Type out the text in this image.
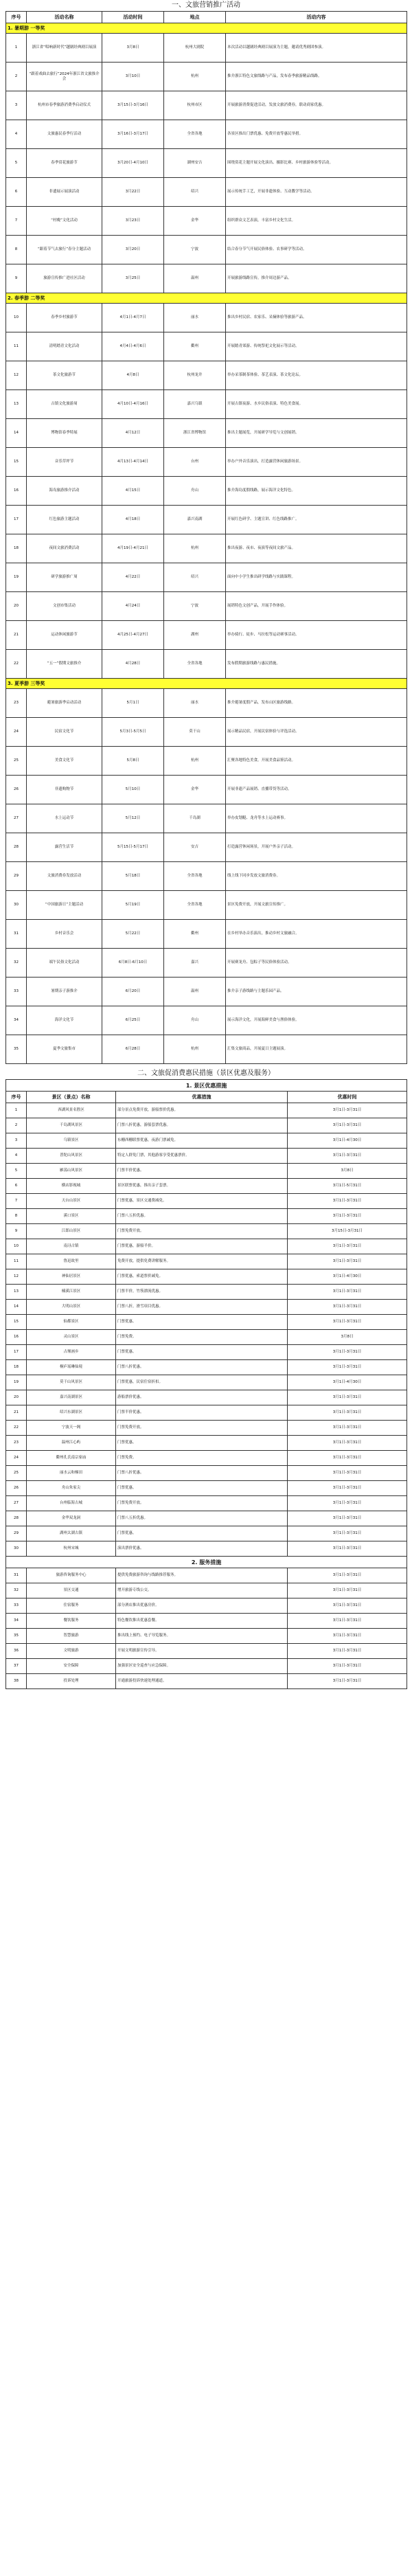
一、文旅营销推广活动
序号	活动名称	活动时间	地点	活动内容
1. 暑期游 一等奖				
1	浙江省“唱响新时代”越剧经典剧目展演	3月8日	杭州大剧院	本次活动以越剧经典剧目展演为主题，邀请优秀剧团参演。
2	“跟着戏曲去旅行”2024年浙江省文旅推介会	3月10日	杭州	推介浙江特色文旅线路与产品，发布春季旅游精品线路。
3	杭州市春季旅游消费季启动仪式	3月15日-3月16日	杭州市区	开展旅游消费促进活动，发放文旅消费券，联动商家优惠。
4	文旅惠民春季行活动	3月16日-3月17日	全省各地	各景区推出门票优惠、免费开放等惠民举措。
5	春季赏花旅游节	3月20日-4月10日	湖州安吉	围绕赏花主题开展文化演出、摄影比赛、乡村旅游体验等活动。
6	非遗展示展演活动	3月22日	绍兴	展示传统手工艺，开展非遗体验、互动教学等活动。
7	“村晚”文化活动	3月23日	金华	组织群众文艺表演，丰富乡村文化生活。
8	“跟着节气去旅行”春分主题活动	3月20日	宁波	结合春分节气开展民俗体验、农事研学等活动。
9	旅游宣传推广进社区活动	3月25日	温州	开展旅游线路宣传，推介周边游产品。
2. 春季游 二等奖				
10	春季乡村旅游节	4月1日-4月7日	丽水	推出乡村民宿、农家乐、采摘体验等旅游产品。
11	清明踏青文化活动	4月4日-4月6日	衢州	开展踏青郊游、传统祭祀文化展示等活动。
12	茶文化旅游节	4月8日	杭州龙井	举办采茶制茶体验、茶艺表演、茶文化论坛。
13	古镇文化旅游周	4月10日-4月16日	嘉兴乌镇	开展古镇夜游、水乡民俗表演、特色美食展。
14	博物馆春季特展	4月12日	浙江省博物馆	推出主题展览，开展研学导览与文创展销。
15	音乐草坪节	4月13日-4月14日	台州	举办户外音乐演出，打造露营休闲旅游场景。
16	海岛旅游推介活动	4月15日	舟山	推介海岛度假线路，展示海洋文化特色。
17	红色旅游主题活动	4月18日	嘉兴南湖	开展红色研学、主题宣讲、红色线路推广。
18	夜间文旅消费活动	4月19日-4月21日	杭州	推出夜游、夜市、夜演等夜间文旅产品。
19	研学旅游推广周	4月22日	绍兴	面向中小学生推出研学线路与实践课程。
20	文创市集活动	4月24日	宁波	展销特色文创产品，开展手作体验。
21	运动休闲旅游节	4月25日-4月27日	湖州	举办骑行、徒步、马拉松等运动赛事活动。
22	“五一”假期文旅推介	4月28日	全省各地	发布假期旅游线路与惠民措施。
3. 夏季游 三等奖				
23	避暑旅游季启动活动	5月1日	丽水	推介避暑度假产品，发布山区旅游线路。
24	民宿文化节	5月3日-5月5日	莫干山	展示精品民宿，开展民宿体验与评选活动。
25	美食文化节	5月8日	杭州	汇聚各地特色美食，开展美食品鉴活动。
26	非遗购物节	5月10日	金华	开展非遗产品展销、直播带货等活动。
27	水上运动节	5月12日	千岛湖	举办皮划艇、龙舟等水上运动赛事。
28	露营生活节	5月15日-5月17日	安吉	打造露营休闲场景，开展户外亲子活动。
29	文旅消费券发放活动	5月18日	全省各地	线上线下同步发放文旅消费券。
30	“中国旅游日”主题活动	5月19日	全省各地	景区免费开放，开展文旅宣传推广。
31	乡村音乐会	5月22日	衢州	在乡村举办音乐演出，推动乡村文旅融合。
32	端午民俗文化活动	6月8日-6月10日	嘉兴	开展赛龙舟、包粽子等民俗体验活动。
33	暑期亲子游推介	6月20日	温州	推介亲子游线路与主题乐园产品。
34	海洋文化节	6月25日	舟山	展示海洋文化，开展海鲜美食与渔俗体验。
35	夏季文旅集市	6月28日	杭州	汇集文旅商品，开展夏日主题展演。
二、文旅促消费惠民措施（景区优惠及服务）
1. 景区优惠措施			
序号	景区（景点）名称	优惠措施	优惠时间
1	西湖风景名胜区	部分景点免费开放，游船票价优惠。	3月1日-3月31日
2	千岛湖风景区	门票八折优惠，游船套票优惠。	3月1日-3月31日
3	乌镇景区	东栅西栅联票优惠，夜游门票减免。	3月1日-4月30日
4	普陀山风景区	特定人群免门票，其他游客享受优惠票价。	3月1日-3月31日
5	雁荡山风景区	门票半价优惠。	3月8日
6	横店影视城	景区联票优惠，推出亲子套票。	3月1日-5月31日
7	天台山景区	门票优惠，景区交通费减免。	3月1日-3月31日
8	溪口景区	门票八五折优惠。	3月1日-3月31日
9	江郎山景区	门票免费开放。	3月15日-3月31日
10	南浔古镇	门票优惠，游船半价。	3月1日-3月31日
11	鲁迅故里	免费开放，提供免费讲解服务。	3月1日-3月31日
12	神仙居景区	门票优惠，索道票价减免。	3月1日-4月30日
13	楠溪江景区	门票半价，竹筏漂流优惠。	3月1日-3月31日
14	大明山景区	门票八折，滑雪项目优惠。	3月1日-3月31日
15	仙都景区	门票优惠。	3月1日-3月31日
16	灵山景区	门票免费。	3月8日
17	古堰画乡	门票优惠。	3月1日-3月31日
18	桐庐瑶琳仙境	门票八折优惠。	3月1日-3月31日
19	莫干山风景区	门票优惠，民宿住宿折扣。	3月1日-4月30日
20	嘉兴南湖景区	游船票价优惠。	3月1日-3月31日
21	绍兴东湖景区	门票半价优惠。	3月1日-3月31日
22	宁波天一阁	门票免费开放。	3月1日-3月31日
23	温州江心屿	门票优惠。	3月1日-3月31日
24	衢州孔氏南宗家庙	门票免费。	3月1日-3月31日
25	丽水云和梯田	门票八折优惠。	3月1日-3月31日
26	舟山朱家尖	门票优惠。	3月1日-3月31日
27	台州临海古城	门票免费开放。	3月1日-3月31日
28	金华双龙洞	门票八五折优惠。	3月1日-3月31日
29	湖州太湖古镇	门票优惠。	3月1日-3月31日
30	杭州宋城	演出票价优惠。	3月1日-3月31日
2. 服务措施			
31	旅游咨询服务中心	提供免费旅游咨询与线路推荐服务。	3月1日-3月31日
32	景区交通	增开旅游专线公交。	3月1日-3月31日
33	住宿服务	部分酒店推出优惠房价。	3月1日-3月31日
34	餐饮服务	特色餐饮推出优惠套餐。	3月1日-3月31日
35	智慧旅游	推出线上预约、电子导览服务。	3月1日-3月31日
36	文明旅游	开展文明旅游宣传引导。	3月1日-3月31日
37	安全保障	加强景区安全巡查与应急保障。	3月1日-3月31日
38	投诉处理	开通旅游投诉快速处理通道。	3月1日-3月31日
